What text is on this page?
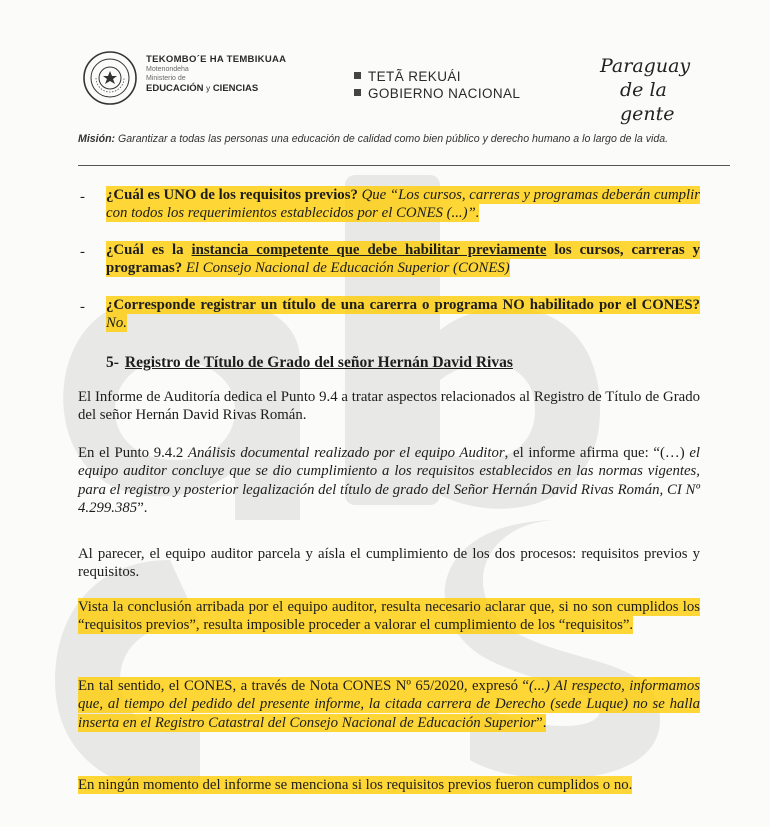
TEKOMBO´E HA TEMBIKUAA
Motenondeha
Ministerio de
EDUCACIÓN y CIENCIAS
TETÃ REKUÁI
GOBIERNO NACIONAL
Paraguay
de la gente
Misión: Garantizar a todas las personas una educación de calidad como bien público y derecho humano a lo largo de la vida.
- ¿Cuál es UNO de los requisitos previos? Que “Los cursos, carreras y programas deberán cumplir con todos los requerimientos establecidos por el CONES (...)”.
- ¿Cuál es la instancia competente que debe habilitar previamente los cursos, carreras y programas? El Consejo Nacional de Educación Superior (CONES)
- ¿Corresponde registrar un título de una carerra o programa NO habilitado por el CONES? No.
5- Registro de Título de Grado del señor Hernán David Rivas
El Informe de Auditoría dedica el Punto 9.4 a tratar aspectos relacionados al Registro de Título de Grado del señor Hernán David Rivas Román.
En el Punto 9.4.2 Análisis documental realizado por el equipo Auditor, el informe afirma que: “(…) el equipo auditor concluye que se dio cumplimiento a los requisitos establecidos en las normas vigentes, para el registro y posterior legalización del título de grado del Señor Hernán David Rivas Román, CI Nº 4.299.385”.
Al parecer, el equipo auditor parcela y aísla el cumplimiento de los dos procesos: requisitos previos y requisitos.
Vista la conclusión arribada por el equipo auditor, resulta necesario aclarar que, si no son cumplidos los “requisitos previos”, resulta imposible proceder a valorar el cumplimiento de los “requisitos”.
En tal sentido, el CONES, a través de Nota CONES Nº 65/2020, expresó “(...) Al respecto, informamos que, al tiempo del pedido del presente informe, la citada carrera de Derecho (sede Luque) no se halla inserta en el Registro Catastral del Consejo Nacional de Educación Superior”.
En ningún momento del informe se menciona si los requisitos previos fueron cumplidos o no.
